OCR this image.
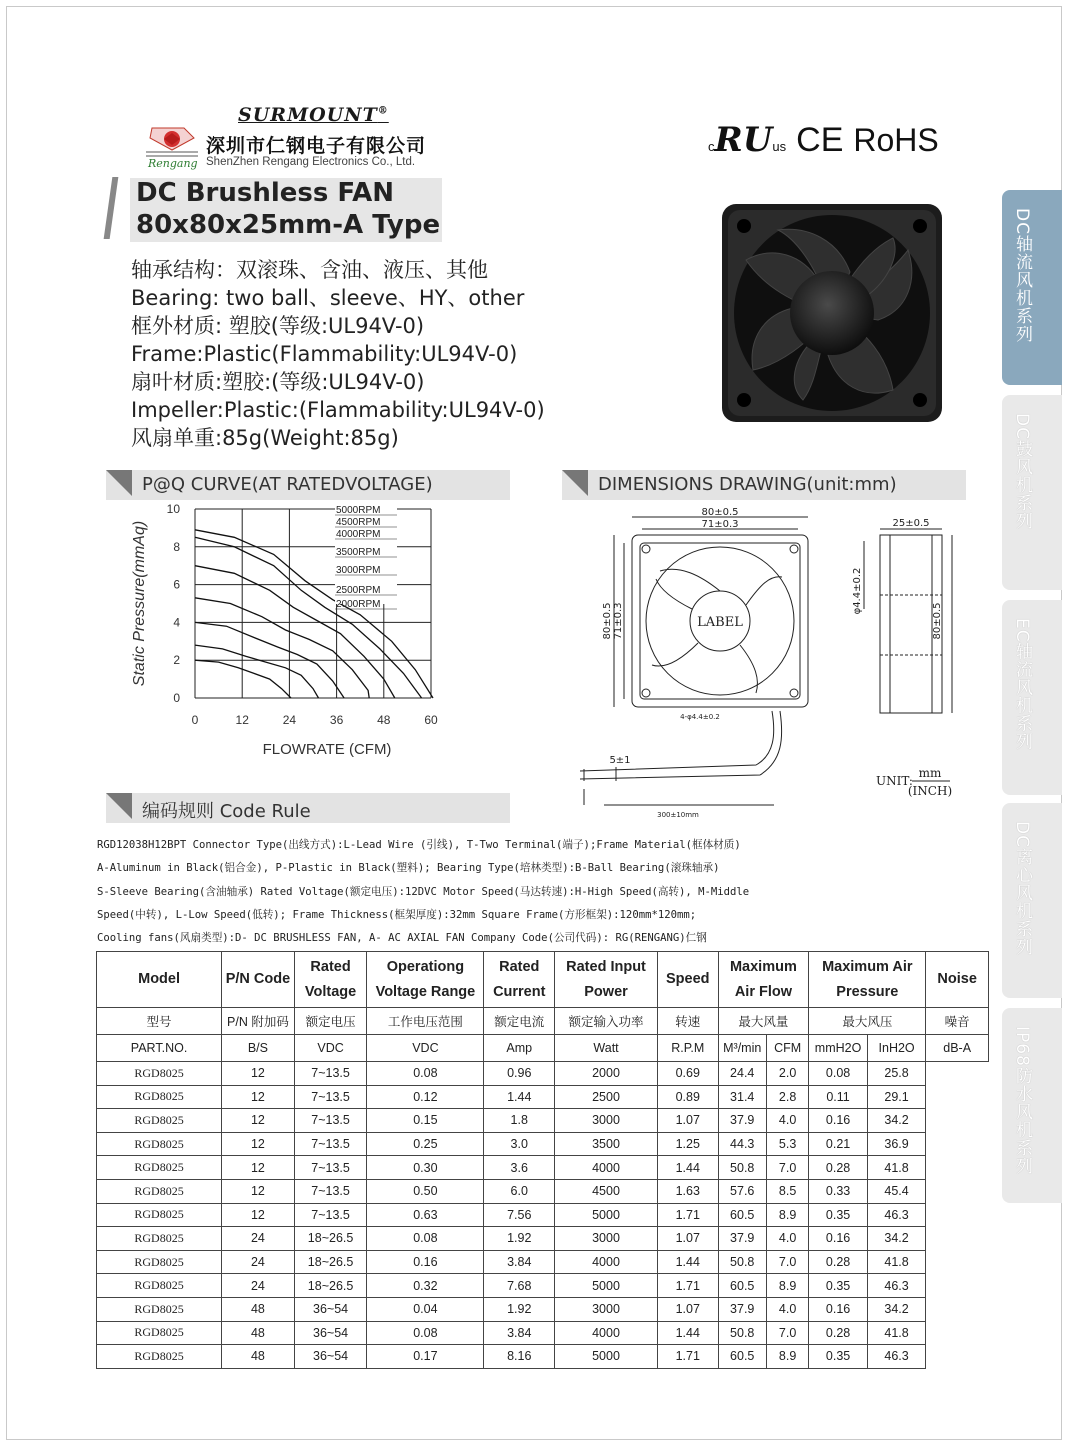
SURMOUNT®
Rengang
深圳市仁钢电子有限公司
ShenZhen Rengang Electronics Co., Ltd.
cRUus CE RoHS
DC Brushless FAN
80x80x25mm-A Type
轴承结构：双滚珠、含油、液压、其他
Bearing: two ball、sleeve、HY、other
框外材质: 塑胶(等级:UL94V-0)
Frame:Plastic(Flammability:UL94V-0)
扇叶材质:塑胶:(等级:UL94V-0)
Impeller:Plastic:(Flammability:UL94V-0)
风扇单重:85g(Weight:85g)
DC轴流风机系列
DC鼓风机系列
EC轴流风机系列
DC离心风机系列
IP68防水风机系列
P@Q CURVE(AT RATEDVOLTAGE)	DIMENSIONS DRAWING(unit:mm)
编码规则 Code Rule
0	12	24	36	48	60
0
2
4
6
8
10
Static Pressure(mmAq)
FLOWRATE (CFM)
5000RPM
4500RPM
4000RPM
3500RPM
3000RPM
2500RPM
2000RPM
80±0.5
71±0.3
80±0.5 71±0.3	LABEL
4-φ4.4±0.2
25±0.5
φ4.4±0.2
80±0.5
5±1
300±10mm
UNIT:
mm
(INCH)
RGD12038H12BPT Connector Type(出线方式):L-Lead Wire (引线), T-Two Terminal(端子);Frame Material(框体材质)
A-Aluminum in Black(铝合金), P-Plastic in Black(塑料); Bearing Type(培林类型):B-Ball Bearing(滚珠轴承)
S-Sleeve Bearing(含油轴承) Rated Voltage(额定电压):12DVC Motor Speed(马达转速):H-High Speed(高转), M-Middle
Speed(中转), L-Low Speed(低转); Frame Thickness(框架厚度):32mm Square Frame(方形框架):120mm*120mm;
Cooling fans(风扇类型):D- DC BRUSHLESS FAN, A- AC AXIAL FAN Company Code(公司代码): RG(RENGANG)仁钢
Model	P/N Code	Rated Voltage	Operationg Voltage Range	Rated Current	Rated Input Power	Speed	Maximum Air Flow		Maximum Air Pressure		Noise
型号	P/N 附加码	额定电压	工作电压范围	额定电流	额定输入功率	转速	最大风量		最大风压		噪音
PART.NO.	B/S	VDC	VDC	Amp	Watt	R.P.M	M³/min	CFM	mmH2O	InH2O	dB-A
RGD8025	12	7~13.5	0.08	0.96	2000	0.69	24.4	2.0	0.08	25.8	
RGD8025	12	7~13.5	0.12	1.44	2500	0.89	31.4	2.8	0.11	29.1	
RGD8025	12	7~13.5	0.15	1.8	3000	1.07	37.9	4.0	0.16	34.2	
RGD8025	12	7~13.5	0.25	3.0	3500	1.25	44.3	5.3	0.21	36.9	
RGD8025	12	7~13.5	0.30	3.6	4000	1.44	50.8	7.0	0.28	41.8	
RGD8025	12	7~13.5	0.50	6.0	4500	1.63	57.6	8.5	0.33	45.4	
RGD8025	12	7~13.5	0.63	7.56	5000	1.71	60.5	8.9	0.35	46.3	
RGD8025	24	18~26.5	0.08	1.92	3000	1.07	37.9	4.0	0.16	34.2	
RGD8025	24	18~26.5	0.16	3.84	4000	1.44	50.8	7.0	0.28	41.8	
RGD8025	24	18~26.5	0.32	7.68	5000	1.71	60.5	8.9	0.35	46.3	
RGD8025	48	36~54	0.04	1.92	3000	1.07	37.9	4.0	0.16	34.2	
RGD8025	48	36~54	0.08	3.84	4000	1.44	50.8	7.0	0.28	41.8	
RGD8025	48	36~54	0.17	8.16	5000	1.71	60.5	8.9	0.35	46.3	
